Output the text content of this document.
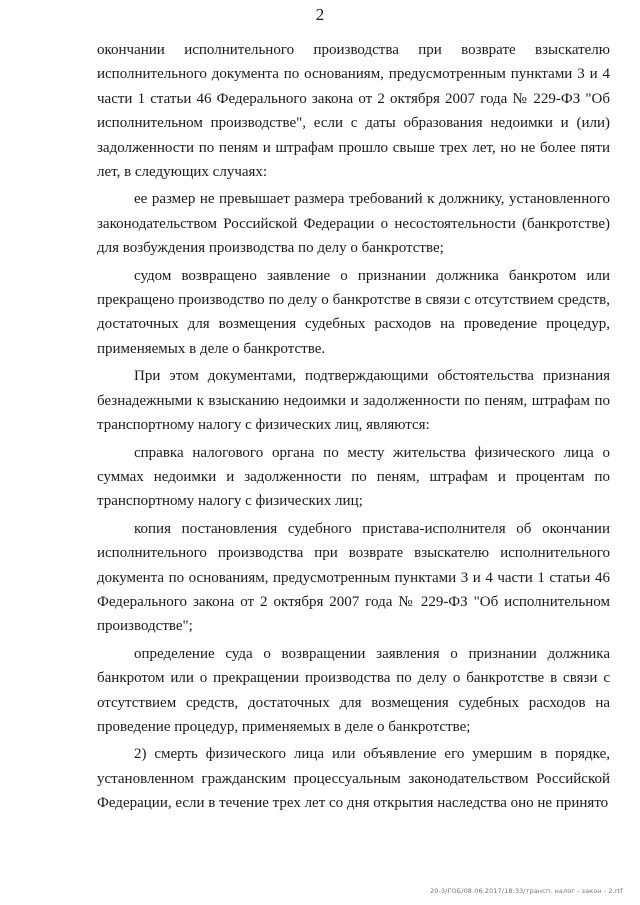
2

окончании исполнительного производства при возврате взыскателю исполнительного документа по основаниям, предусмотренным пунктами 3 и 4 части 1 статьи 46 Федерального закона от 2 октября 2007 года № 229-ФЗ "Об исполнительном производстве", если с даты образования недоимки и (или) задолженности по пеням и штрафам прошло свыше трех лет, но не более пяти лет, в следующих случаях:

ее размер не превышает размера требований к должнику, установленного законодательством Российской Федерации о несостоятельности (банкротстве) для возбуждения производства по делу о банкротстве;

судом возвращено заявление о признании должника банкротом или прекращено производство по делу о банкротстве в связи с отсутствием средств, достаточных для возмещения судебных расходов на проведение процедур, применяемых в деле о банкротстве.

При этом документами, подтверждающими обстоятельства признания безнадежными к взысканию недоимки и задолженности по пеням, штрафам по транспортному налогу с физических лиц, являются:

справка налогового органа по месту жительства физического лица о суммах недоимки и задолженности по пеням, штрафам и процентам по транспортному налогу с физических лиц;

копия постановления судебного пристава-исполнителя об окончании исполнительного производства при возврате взыскателю исполнительного документа по основаниям, предусмотренным пунктами 3 и 4 части 1 статьи 46 Федерального закона от 2 октября 2007 года № 229-ФЗ "Об исполнительном производстве";

определение суда о возвращении заявления о признании должника банкротом или о прекращении производства по делу о банкротстве в связи с отсутствием средств, достаточных для возмещения судебных расходов на проведение процедур, применяемых в деле о банкротстве;

2) смерть физического лица или объявление его умершим в порядке, установленном гражданским процессуальным законодательством Российской Федерации, если в течение трех лет со дня открытия наследства оно не принято

20-3/ГОБ/08.06.2017/18:33/трансп. налог - закон - 2.rtf
